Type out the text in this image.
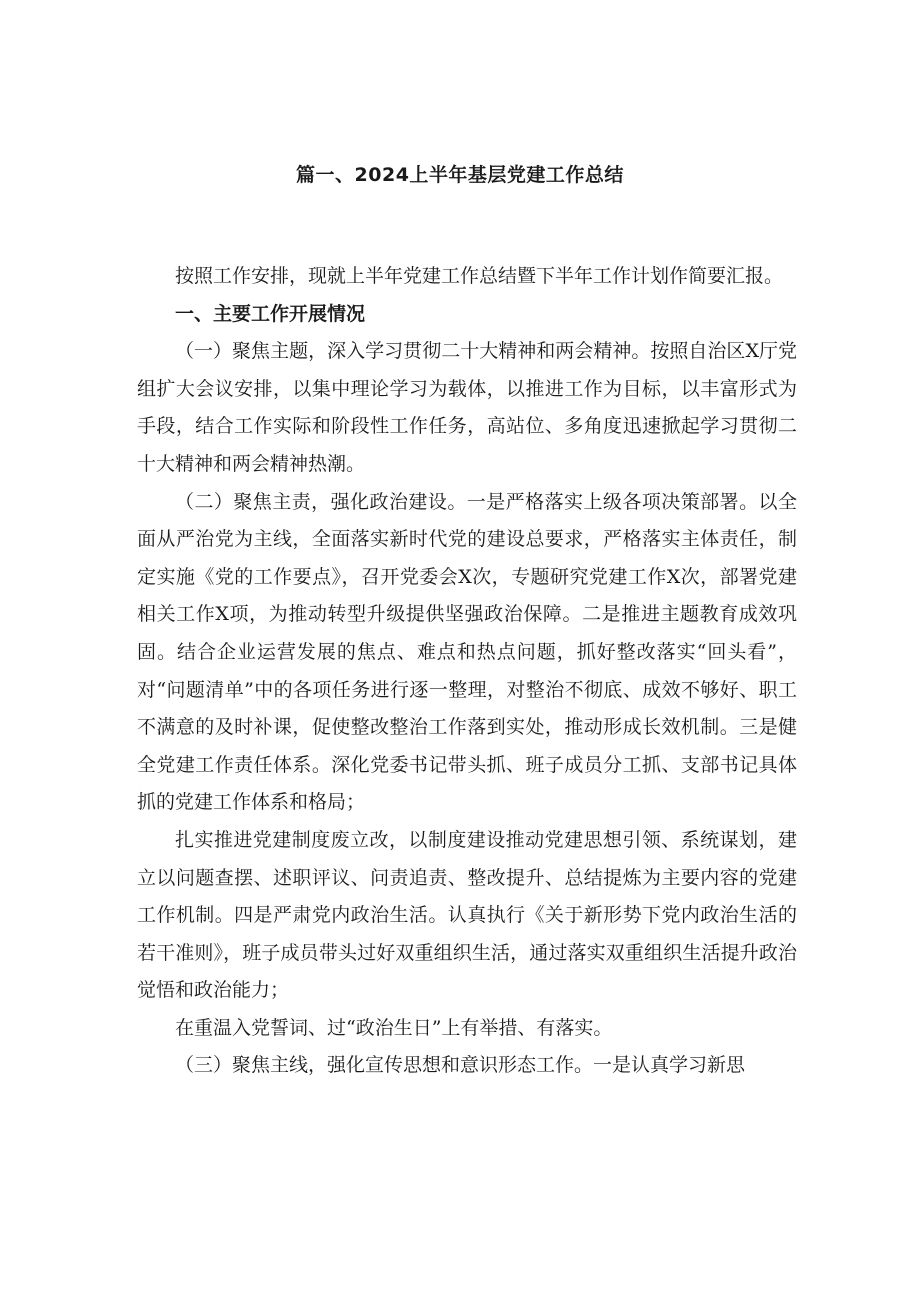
篇一、2024上半年基层党建工作总结

按照工作安排，现就上半年党建工作总结暨下半年工作计划作简要汇报。

一、主要工作开展情况

（一）聚焦主题，深入学习贯彻二十大精神和两会精神。按照自治区X厅党组扩大会议安排，以集中理论学习为载体，以推进工作为目标，以丰富形式为手段，结合工作实际和阶段性工作任务，高站位、多角度迅速掀起学习贯彻二十大精神和两会精神热潮。

（二）聚焦主责，强化政治建设。一是严格落实上级各项决策部署。以全面从严治党为主线，全面落实新时代党的建设总要求，严格落实主体责任，制定实施《党的工作要点》，召开党委会X次，专题研究党建工作X次，部署党建相关工作X项，为推动转型升级提供坚强政治保障。二是推进主题教育成效巩固。结合企业运营发展的焦点、难点和热点问题，抓好整改落实“回头看”，对“问题清单”中的各项任务进行逐一整理，对整治不彻底、成效不够好、职工不满意的及时补课，促使整改整治工作落到实处，推动形成长效机制。三是健全党建工作责任体系。深化党委书记带头抓、班子成员分工抓、支部书记具体抓的党建工作体系和格局；

扎实推进党建制度废立改，以制度建设推动党建思想引领、系统谋划，建立以问题查摆、述职评议、问责追责、整改提升、总结提炼为主要内容的党建工作机制。四是严肃党内政治生活。认真执行《关于新形势下党内政治生活的若干准则》，班子成员带头过好双重组织生活，通过落实双重组织生活提升政治觉悟和政治能力；

在重温入党誓词、过“政治生日”上有举措、有落实。

（三）聚焦主线，强化宣传思想和意识形态工作。一是认真学习新思
